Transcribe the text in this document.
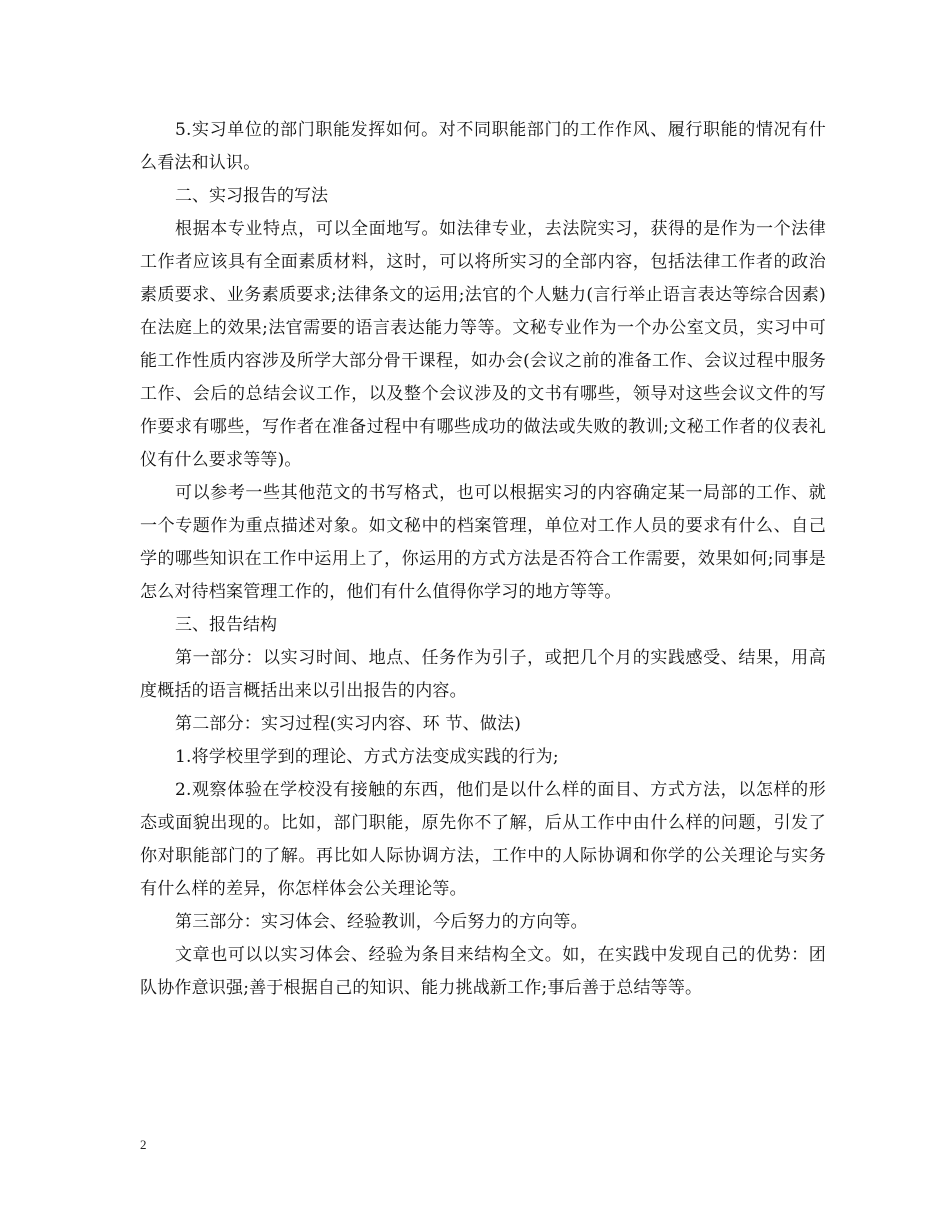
5.实习单位的部门职能发挥如何。对不同职能部门的工作作风、履行职能的情况有什么看法和认识。

二、实习报告的写法

根据本专业特点，可以全面地写。如法律专业，去法院实习，获得的是作为一个法律工作者应该具有全面素质材料，这时，可以将所实习的全部内容，包括法律工作者的政治素质要求、业务素质要求;法律条文的运用;法官的个人魅力(言行举止语言表达等综合因素)在法庭上的效果;法官需要的语言表达能力等等。文秘专业作为一个办公室文员，实习中可能工作性质内容涉及所学大部分骨干课程，如办会(会议之前的准备工作、会议过程中服务工作、会后的总结会议工作，以及整个会议涉及的文书有哪些，领导对这些会议文件的写作要求有哪些，写作者在准备过程中有哪些成功的做法或失败的教训;文秘工作者的仪表礼仪有什么要求等等)。

可以参考一些其他范文的书写格式，也可以根据实习的内容确定某一局部的工作、就一个专题作为重点描述对象。如文秘中的档案管理，单位对工作人员的要求有什么、自己学的哪些知识在工作中运用上了，你运用的方式方法是否符合工作需要，效果如何;同事是怎么对待档案管理工作的，他们有什么值得你学习的地方等等。

三、报告结构

第一部分：以实习时间、地点、任务作为引子，或把几个月的实践感受、结果，用高度概括的语言概括出来以引出报告的内容。

第二部分：实习过程(实习内容、环 节、做法)

1.将学校里学到的理论、方式方法变成实践的行为;

2.观察体验在学校没有接触的东西，他们是以什么样的面目、方式方法，以怎样的形态或面貌出现的。比如，部门职能，原先你不了解，后从工作中由什么样的问题，引发了你对职能部门的了解。再比如人际协调方法，工作中的人际协调和你学的公关理论与实务有什么样的差异，你怎样体会公关理论等。

第三部分：实习体会、经验教训，今后努力的方向等。

文章也可以以实习体会、经验为条目来结构全文。如，在实践中发现自己的优势：团队协作意识强;善于根据自己的知识、能力挑战新工作;事后善于总结等等。

2
